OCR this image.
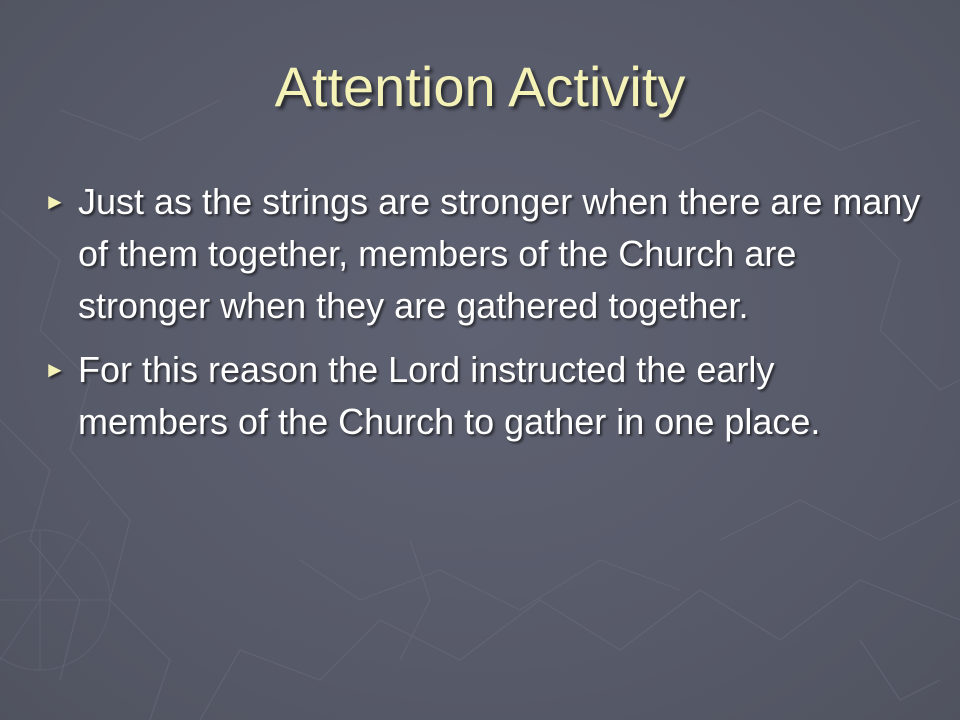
Attention Activity
► Just as the strings are stronger when there are many of them together, members of the Church are stronger when they are gathered together.
► For this reason the Lord instructed the early members of the Church to gather in one place.
